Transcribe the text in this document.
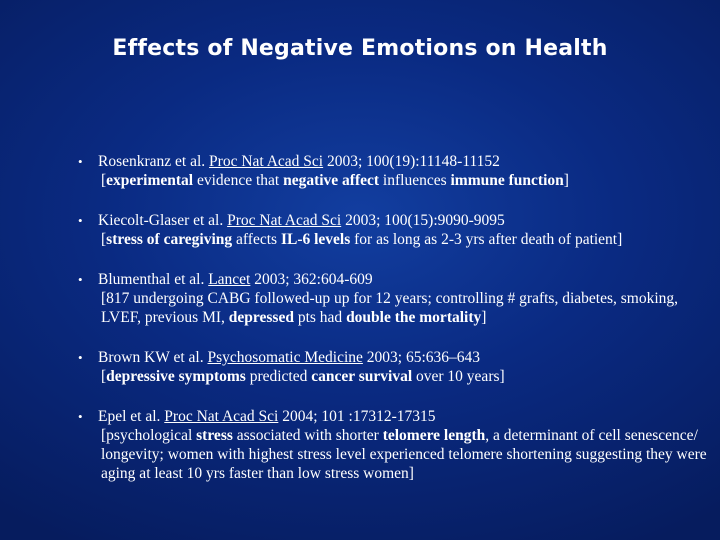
Effects of Negative Emotions on Health
• Rosenkranz et al. Proc Nat Acad Sci 2003; 100(19):11148-11152
[experimental evidence that negative affect influences immune function]
• Kiecolt-Glaser et al. Proc Nat Acad Sci 2003; 100(15):9090-9095
[stress of caregiving affects IL-6 levels for as long as 2-3 yrs after death of patient]
• Blumenthal et al. Lancet 2003; 362:604-609
[817 undergoing CABG followed-up up for 12 years; controlling # grafts, diabetes, smoking, LVEF, previous MI, depressed pts had double the mortality]
• Brown KW et al. Psychosomatic Medicine 2003; 65:636–643
[depressive symptoms predicted cancer survival over 10 years]
• Epel et al. Proc Nat Acad Sci 2004; 101 :17312-17315
[psychological stress associated with shorter telomere length, a determinant of cell senescence/ longevity; women with highest stress level experienced telomere shortening suggesting they were aging at least 10 yrs faster than low stress women]
